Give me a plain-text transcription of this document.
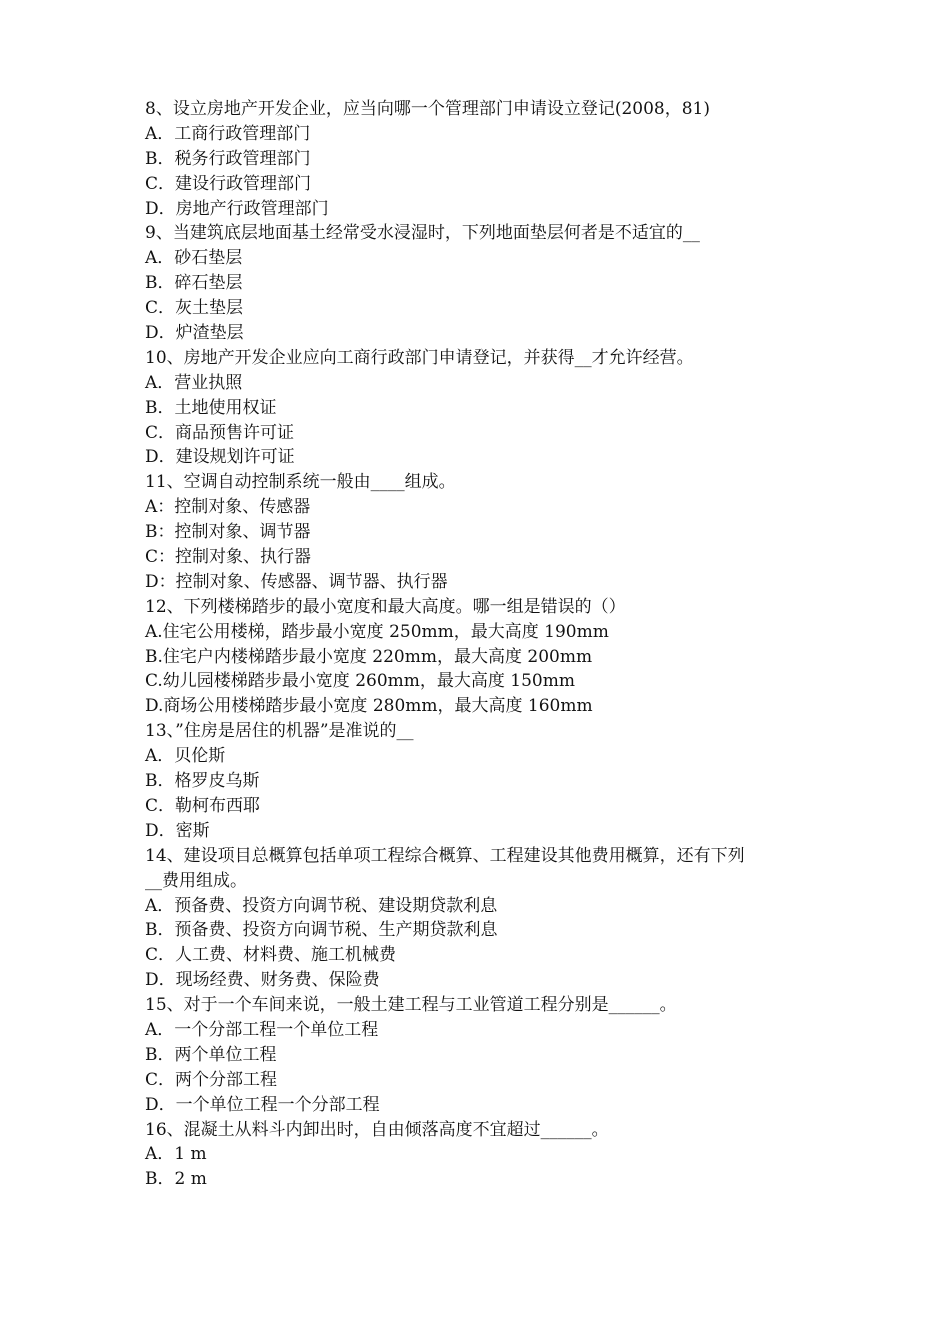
8、设立房地产开发企业，应当向哪一个管理部门申请设立登记(2008，81)
A．工商行政管理部门
B．税务行政管理部门
C．建设行政管理部门
D．房地产行政管理部门
9、当建筑底层地面基土经常受水浸湿时，下列地面垫层何者是不适宜的__
A．砂石垫层
B．碎石垫层
C．灰土垫层
D．炉渣垫层
10、房地产开发企业应向工商行政部门申请登记，并获得__才允许经营。
A．营业执照
B．土地使用权证
C．商品预售许可证
D．建设规划许可证
11、空调自动控制系统一般由____组成。
A：控制对象、传感器
B：控制对象、调节器
C：控制对象、执行器
D：控制对象、传感器、调节器、执行器
12、下列楼梯踏步的最小宽度和最大高度。哪一组是错误的（）
A.住宅公用楼梯，踏步最小宽度 250mm，最大高度 190mm
B.住宅户内楼梯踏步最小宽度 220mm，最大高度 200mm
C.幼儿园楼梯踏步最小宽度 260mm，最大高度 150mm
D.商场公用楼梯踏步最小宽度 280mm，最大高度 160mm
13、”住房是居住的机器”是准说的__
A．贝伦斯
B．格罗皮乌斯
C．勒柯布西耶
D．密斯
14、建设项目总概算包括单项工程综合概算、工程建设其他费用概算，还有下列
__费用组成。
A．预备费、投资方向调节税、建设期贷款利息
B．预备费、投资方向调节税、生产期贷款利息
C．人工费、材料费、施工机械费
D．现场经费、财务费、保险费
15、对于一个车间来说，一般土建工程与工业管道工程分别是______。
A．一个分部工程一个单位工程
B．两个单位工程
C．两个分部工程
D．一个单位工程一个分部工程
16、混凝土从料斗内卸出时，自由倾落高度不宜超过______。
A．1 m
B．2 m
